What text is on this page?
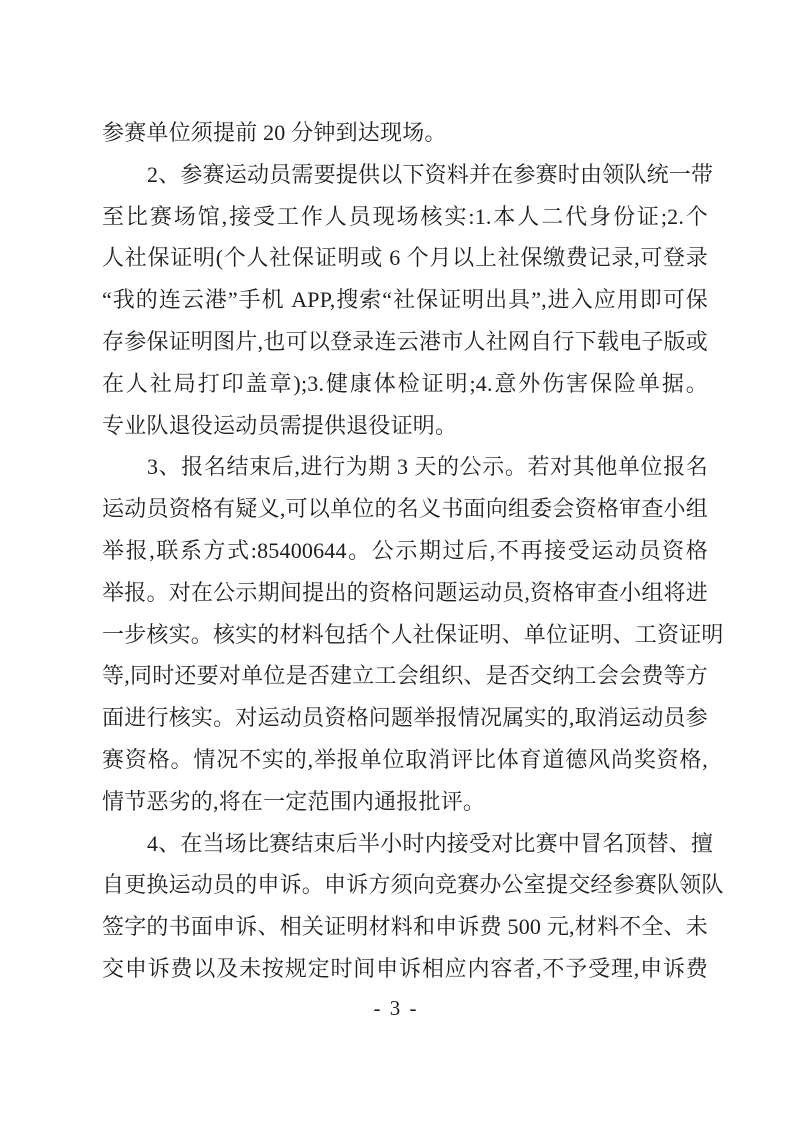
参赛单位须提前 20 分钟到达现场。
2、参赛运动员需要提供以下资料并在参赛时由领队统一带
至比赛场馆,接受工作人员现场核实:1.本人二代身份证;2.个
人社保证明(个人社保证明或 6 个月以上社保缴费记录,可登录
“我的连云港”手机 APP,搜索“社保证明出具”,进入应用即可保
存参保证明图片,也可以登录连云港市人社网自行下载电子版或
在人社局打印盖章);3.健康体检证明;4.意外伤害保险单据。
专业队退役运动员需提供退役证明。
3、报名结束后,进行为期 3 天的公示。若对其他单位报名
运动员资格有疑义,可以单位的名义书面向组委会资格审查小组
举报,联系方式:85400644。公示期过后,不再接受运动员资格
举报。对在公示期间提出的资格问题运动员,资格审查小组将进
一步核实。核实的材料包括个人社保证明、单位证明、工资证明
等,同时还要对单位是否建立工会组织、是否交纳工会会费等方
面进行核实。对运动员资格问题举报情况属实的,取消运动员参
赛资格。情况不实的,举报单位取消评比体育道德风尚奖资格,
情节恶劣的,将在一定范围内通报批评。
4、在当场比赛结束后半小时内接受对比赛中冒名顶替、擅
自更换运动员的申诉。申诉方须向竞赛办公室提交经参赛队领队
签字的书面申诉、相关证明材料和申诉费 500 元,材料不全、未
交申诉费以及未按规定时间申诉相应内容者,不予受理,申诉费
- 3 -
